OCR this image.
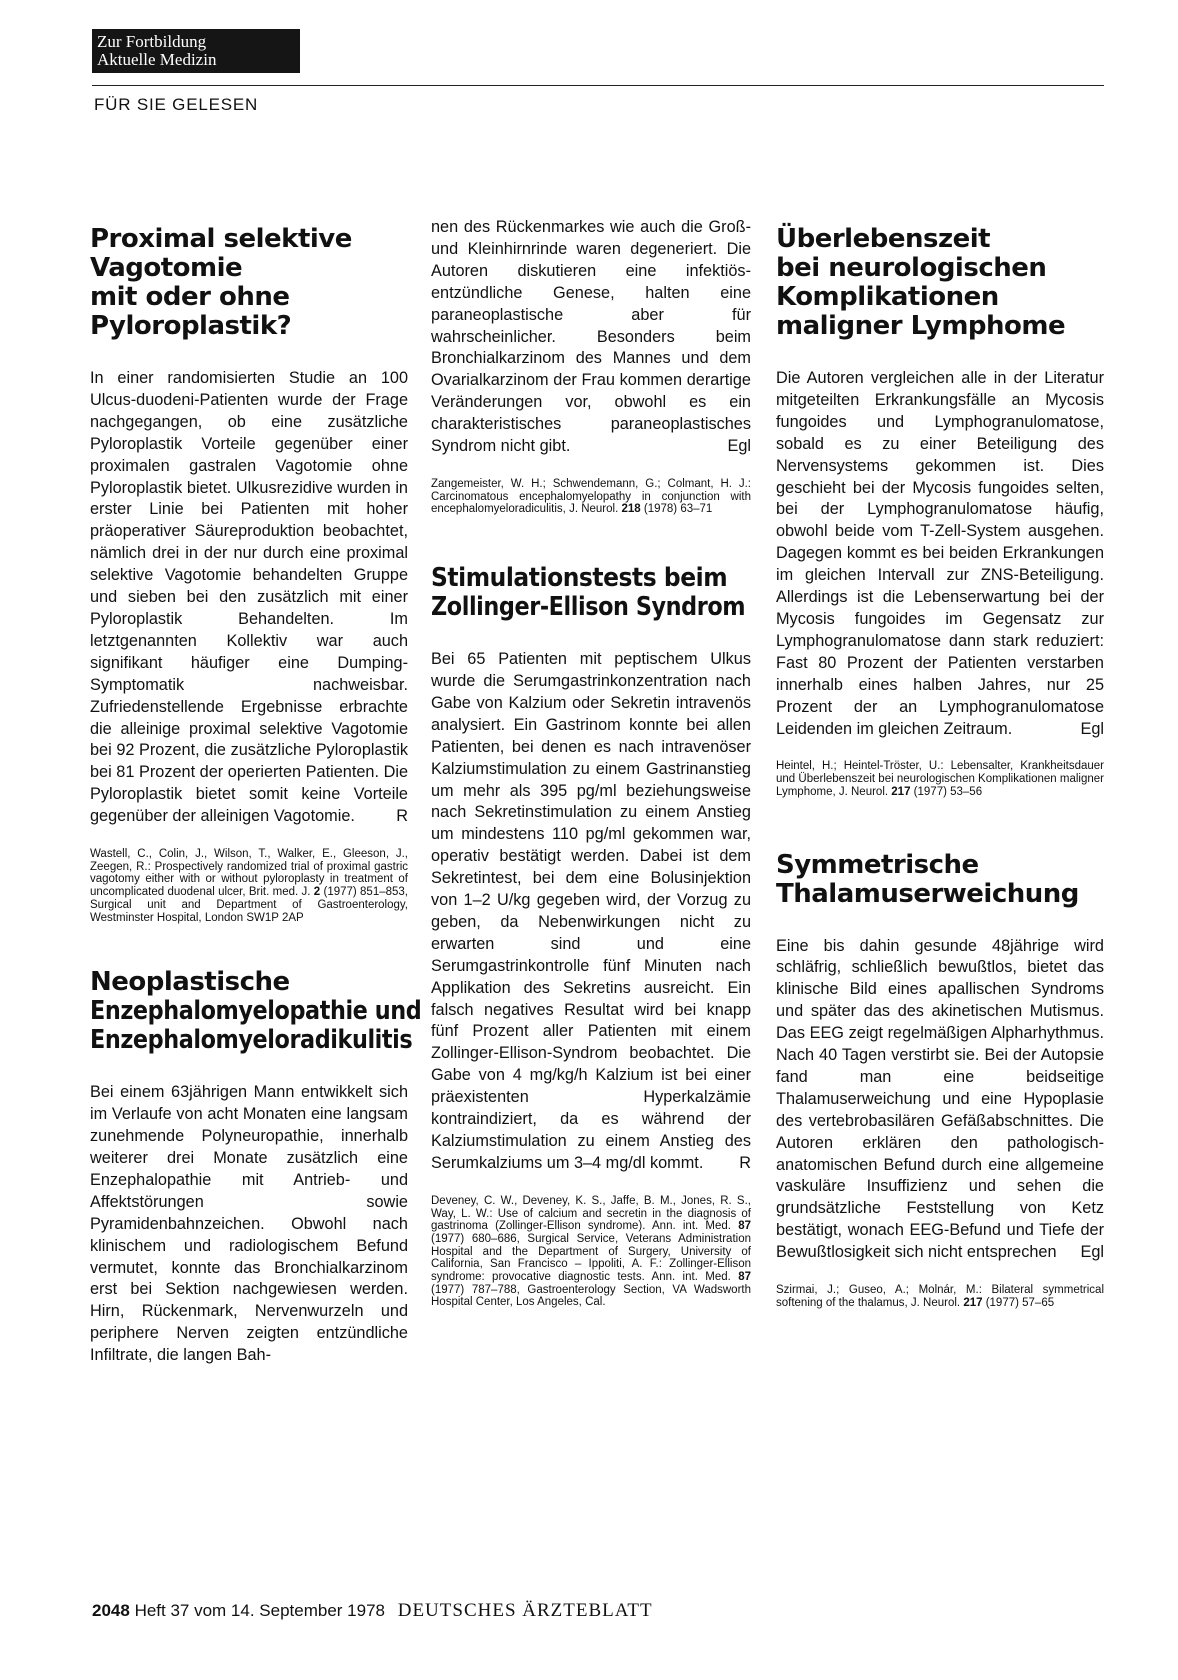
Zur Fortbildung
Aktuelle Medizin
FÜR SIE GELESEN
Proximal selektive
Vagotomie
mit oder ohne
Pyloroplastik?
In einer randomisierten Studie an 100 Ulcus-duodeni-Patienten wurde der Frage nachgegangen, ob eine zusätzliche Pyloroplastik Vorteile gegenüber einer proximalen gastralen Vagotomie ohne Pyloroplastik bietet. Ulkusrezidive wurden in erster Linie bei Patienten mit hoher präoperativer Säureproduktion beobachtet, nämlich drei in der nur durch eine proximal selektive Vagotomie behandelten Gruppe und sieben bei den zusätzlich mit einer Pyloroplastik Behandelten. Im letztgenannten Kollektiv war auch signifikant häufiger eine Dumping-Symptomatik nachweisbar. Zufriedenstellende Ergebnisse erbrachte die alleinige proximal selektive Vagotomie bei 92 Prozent, die zusätzliche Pyloroplastik bei 81 Prozent der operierten Patienten. Die Pyloroplastik bietet somit keine Vorteile gegenüber der alleinigen Vagotomie.	R
Wastell, C., Colin, J., Wilson, T., Walker, E., Gleeson, J., Zeegen, R.: Prospectively randomized trial of proximal gastric vagotomy either with or without pyloroplasty in treatment of uncomplicated duodenal ulcer, Brit. med. J. 2 (1977) 851–853, Surgical unit and Department of Gastroenterology, Westminster Hospital, London SW1P 2AP
Neoplastische
Enzephalomyelopathie und
Enzephalomyeloradikulitis
Bei einem 63jährigen Mann entwikkelt sich im Verlaufe von acht Monaten eine langsam zunehmende Polyneuropathie, innerhalb weiterer drei Monate zusätzlich eine Enzephalopathie mit Antrieb- und Affektstörungen sowie Pyramidenbahnzeichen. Obwohl nach klinischem und radiologischem Befund vermutet, konnte das Bronchialkarzinom erst bei Sektion nachgewiesen werden. Hirn, Rückenmark, Nervenwurzeln und periphere Nerven zeigten entzündliche Infiltrate, die langen Bah-
nen des Rückenmarkes wie auch die Groß- und Kleinhirnrinde waren degeneriert. Die Autoren diskutieren eine infektiös-entzündliche Genese, halten eine paraneoplastische aber für wahrscheinlicher. Besonders beim Bronchialkarzinom des Mannes und dem Ovarialkarzinom der Frau kommen derartige Veränderungen vor, obwohl es ein charakteristisches paraneoplastisches Syndrom nicht gibt.	Egl
Zangemeister, W. H.; Schwendemann, G.; Colmant, H. J.: Carcinomatous encephalomyelopathy in conjunction with encephalomyeloradiculitis, J. Neurol. 218 (1978) 63–71
Stimulationstests beim
Zollinger-Ellison Syndrom
Bei 65 Patienten mit peptischem Ulkus wurde die Serumgastrinkonzentration nach Gabe von Kalzium oder Sekretin intravenös analysiert. Ein Gastrinom konnte bei allen Patienten, bei denen es nach intravenöser Kalziumstimulation zu einem Gastrinanstieg um mehr als 395 pg/ml beziehungsweise nach Sekretinstimulation zu einem Anstieg um mindestens 110 pg/ml gekommen war, operativ bestätigt werden. Dabei ist dem Sekretintest, bei dem eine Bolusinjektion von 1–2 U/kg gegeben wird, der Vorzug zu geben, da Nebenwirkungen nicht zu erwarten sind und eine Serumgastrinkontrolle fünf Minuten nach Applikation des Sekretins ausreicht. Ein falsch negatives Resultat wird bei knapp fünf Prozent aller Patienten mit einem Zollinger-Ellison-Syndrom beobachtet. Die Gabe von 4 mg/kg/h Kalzium ist bei einer präexistenten Hyperkalzämie kontraindiziert, da es während der Kalziumstimulation zu einem Anstieg des Serumkalziums um 3–4 mg/dl kommt. R
Deveney, C. W., Deveney, K. S., Jaffe, B. M., Jones, R. S., Way, L. W.: Use of calcium and secretin in the diagnosis of gastrinoma (Zollinger-Ellison syndrome). Ann. int. Med. 87 (1977) 680–686, Surgical Service, Veterans Administration Hospital and the Department of Surgery, University of California, San Francisco – Ippoliti, A. F.: Zollinger-Ellison syndrome: provocative diagnostic tests. Ann. int. Med. 87 (1977) 787–788, Gastroenterology Section, VA Wadsworth Hospital Center, Los Angeles, Cal.
Überlebenszeit
bei neurologischen
Komplikationen
maligner Lymphome
Die Autoren vergleichen alle in der Literatur mitgeteilten Erkrankungsfälle an Mycosis fungoides und Lymphogranulomatose, sobald es zu einer Beteiligung des Nervensystems gekommen ist. Dies geschieht bei der Mycosis fungoides selten, bei der Lymphogranulomatose häufig, obwohl beide vom T-Zell-System ausgehen. Dagegen kommt es bei beiden Erkrankungen im gleichen Intervall zur ZNS-Beteiligung. Allerdings ist die Lebenserwartung bei der Mycosis fungoides im Gegensatz zur Lymphogranulomatose dann stark reduziert: Fast 80 Prozent der Patienten verstarben innerhalb eines halben Jahres, nur 25 Prozent der an Lymphogranulomatose Leidenden im gleichen Zeitraum.	Egl
Heintel, H.; Heintel-Tröster, U.: Lebensalter, Krankheitsdauer und Überlebenszeit bei neurologischen Komplikationen maligner Lymphome, J. Neurol. 217 (1977) 53–56
Symmetrische
Thalamuserweichung
Eine bis dahin gesunde 48jährige wird schläfrig, schließlich bewußtlos, bietet das klinische Bild eines apallischen Syndroms und später das des akinetischen Mutismus. Das EEG zeigt regelmäßigen Alpharhythmus. Nach 40 Tagen verstirbt sie. Bei der Autopsie fand man eine beidseitige Thalamuserweichung und eine Hypoplasie des vertebrobasilären Gefäßabschnittes. Die Autoren erklären den pathologisch-anatomischen Befund durch eine allgemeine vaskuläre Insuffizienz und sehen die grundsätzliche Feststellung von Ketz bestätigt, wonach EEG-Befund und Tiefe der Bewußtlosigkeit sich nicht entsprechen Egl
Szirmai, J.; Guseo, A.; Molnár, M.: Bilateral symmetrical softening of the thalamus, J. Neurol. 217 (1977) 57–65
2048 Heft 37 vom 14. September 1978 DEUTSCHES ÄRZTEBLATT
